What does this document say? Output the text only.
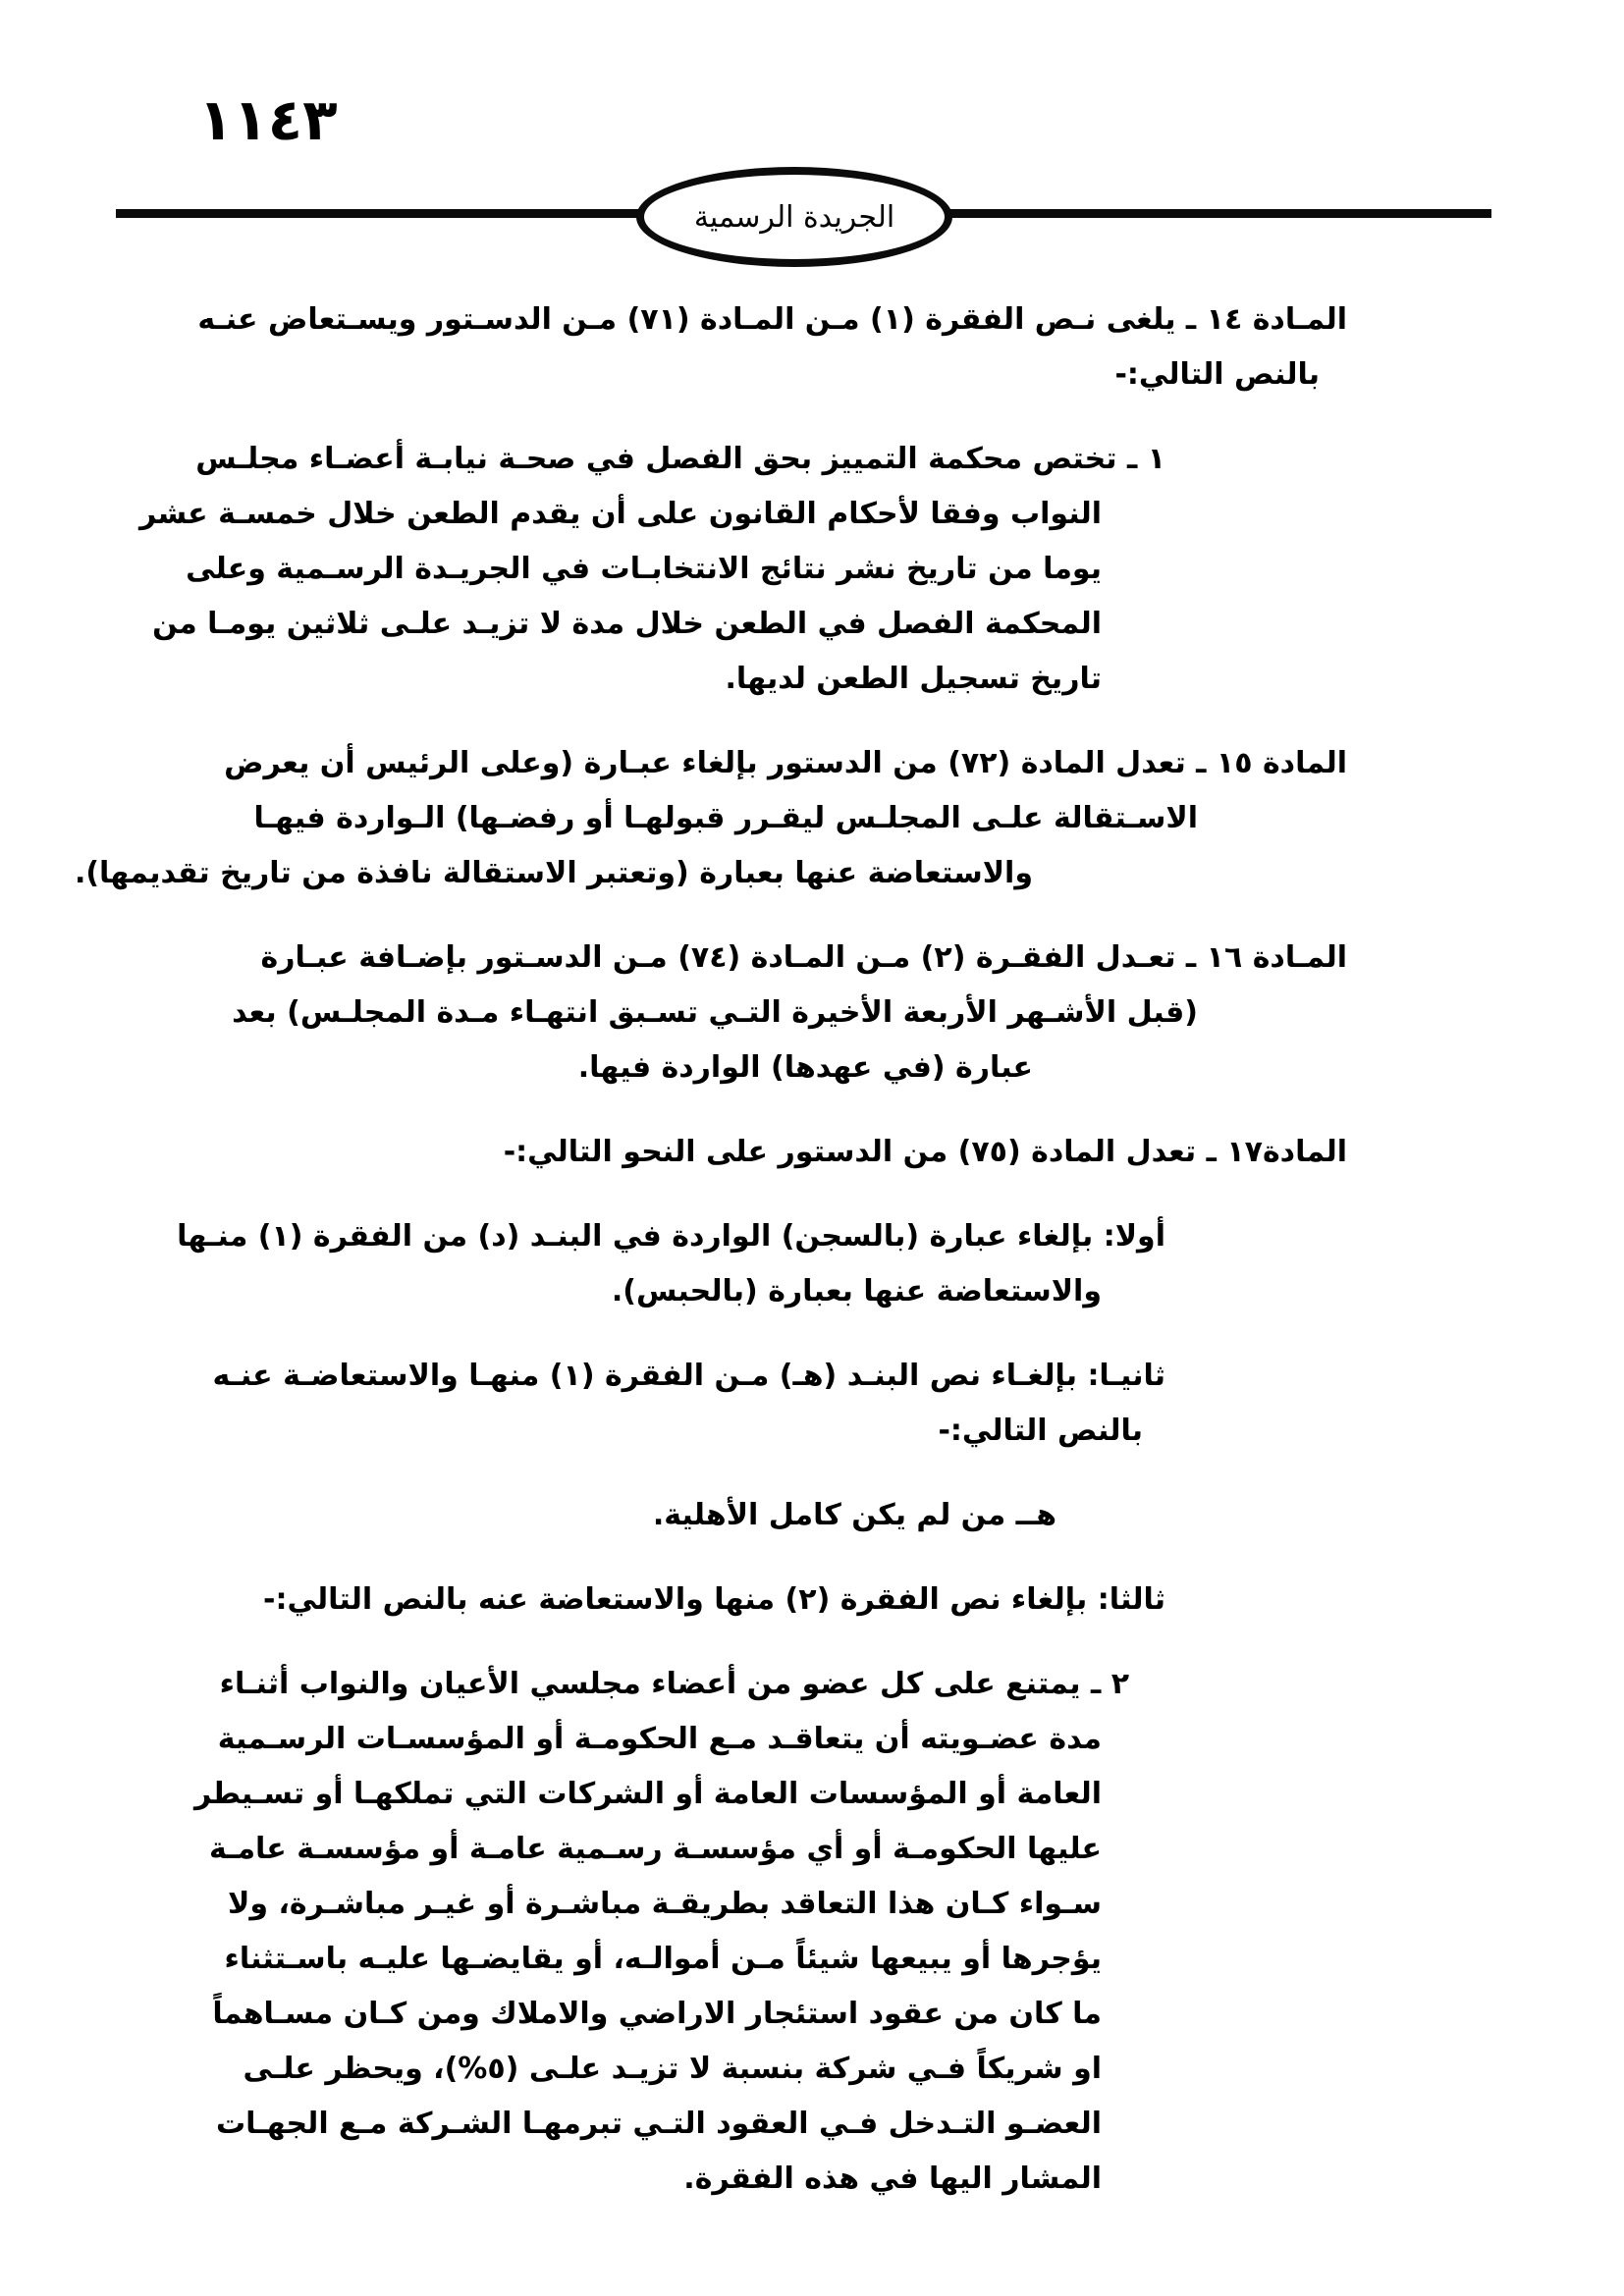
١١٤٣
الجريدة الرسمية
المـادة ١٤ ـ يلغى نـص الفقرة (١) مـن المـادة (٧١) مـن الدسـتور ويسـتعاض عنـه
بالنص التالي:-
١ ـ تختص محكمة التمييز بحق الفصل في صحـة نيابـة أعضـاء مجلـس
النواب وفقا لأحكام القانون على أن يقدم الطعن خلال خمسـة عشر
يوما من تاريخ نشر نتائج الانتخابـات في الجريـدة الرسـمية وعلى
المحكمة الفصل في الطعن خلال مدة لا تزيـد علـى ثلاثين يومـا من
تاريخ تسجيل الطعن لديها.
المادة ١٥ ـ تعدل المادة (٧٢) من الدستور بإلغاء عبـارة (وعلى الرئيس أن يعرض
الاسـتقالة علـى المجلـس ليقـرر قبولهـا أو رفضـها) الـواردة فيهـا
والاستعاضة عنها بعبارة (وتعتبر الاستقالة نافذة من تاريخ تقديمها).
المـادة ١٦ ـ تعـدل الفقـرة (٢) مـن المـادة (٧٤) مـن الدسـتور بإضـافة عبـارة
(قبل الأشـهر الأربعة الأخيرة التـي تسـبق انتهـاء مـدة المجلـس) بعد
عبارة (في عهدها) الواردة فيها.
المادة١٧ ـ تعدل المادة (٧٥) من الدستور على النحو التالي:-
أولا: بإلغاء عبارة (بالسجن) الواردة في البنـد (د) من الفقرة (١) منـها
والاستعاضة عنها بعبارة (بالحبس).
ثانيـا: بإلغـاء نص البنـد (هـ) مـن الفقرة (١) منهـا والاستعاضـة عنـه
بالنص التالي:-
هــ من لم يكن كامل الأهلية.
ثالثا: بإلغاء نص الفقرة (٢) منها والاستعاضة عنه بالنص التالي:-
٢ ـ يمتنع على كل عضو من أعضاء مجلسي الأعيان والنواب أثنـاء
مدة عضـويته أن يتعاقـد مـع الحكومـة أو المؤسسـات الرسـمية
العامة أو المؤسسات العامة أو الشركات التي تملكهـا أو تسـيطر
عليها الحكومـة أو أي مؤسسـة رسـمية عامـة أو مؤسسـة عامـة
سـواء كـان هذا التعاقد بطريقـة مباشـرة أو غيـر مباشـرة، ولا
يؤجرها أو يبيعها شيئاً مـن أموالـه، أو يقايضـها عليـه باسـتثناء
ما كان من عقود استئجار الاراضي والاملاك ومن كـان مسـاهماً
او شريكاً فـي شركة بنسبة لا تزيـد علـى (٥%)، ويحظر علـى
العضـو التـدخل فـي العقود التـي تبرمهـا الشـركة مـع الجهـات
المشار اليها في هذه الفقرة.
